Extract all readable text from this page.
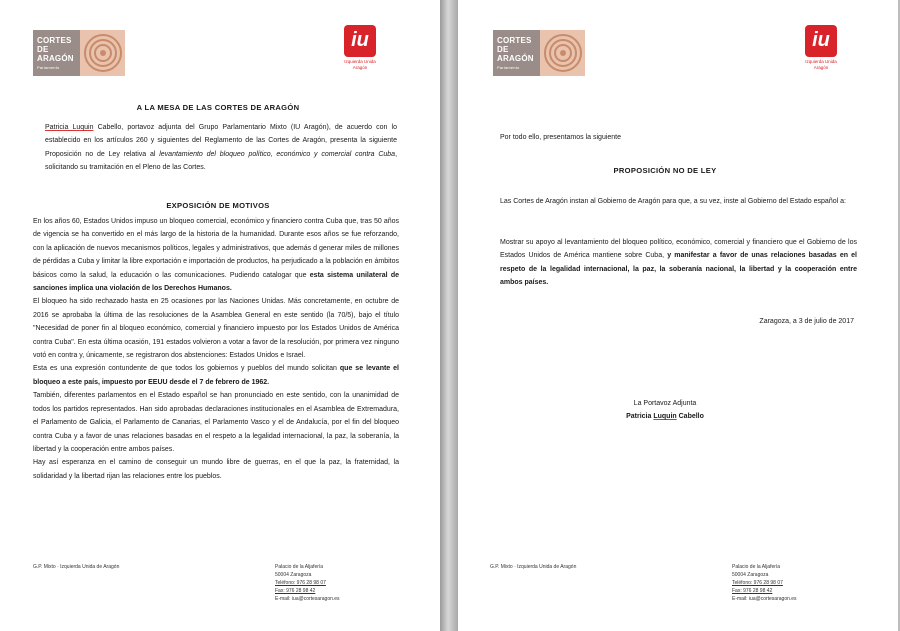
CORTES
DE
ARAGÓN
Parlamento
iu
Izquierda Unida
Aragón
A LA MESA DE LAS CORTES DE ARAGÓN

Patricia Luquin Cabello, portavoz adjunta del Grupo Parlamentario Mixto (IU Aragón), de acuerdo con lo establecido en los artículos 260 y siguientes del Reglamento de las Cortes de Aragón, presenta la siguiente Proposición no de Ley relativa al levantamiento del bloqueo político, económico y comercial contra Cuba, solicitando su tramitación en el Pleno de las Cortes.

EXPOSICIÓN DE MOTIVOS

En los años 60, Estados Unidos impuso un bloqueo comercial, económico y financiero contra Cuba que, tras 50 años de vigencia se ha convertido en el más largo de la historia de la humanidad. Durante esos años se fue reforzando, con la aplicación de nuevos mecanismos políticos, legales y administrativos, que además d generar miles de millones de pérdidas a Cuba y limitar la libre exportación e importación de productos, ha perjudicado a la población en ámbitos básicos como la salud, la educación o las comunicaciones. Pudiendo catalogar que esta sistema unilateral de sanciones implica una violación de los Derechos Humanos.

El bloqueo ha sido rechazado hasta en 25 ocasiones por las Naciones Unidas. Más concretamente, en octubre de 2016 se aprobaba la última de las resoluciones de la Asamblea General en este sentido (la 70/5), bajo el título "Necesidad de poner fin al bloqueo económico, comercial y financiero impuesto por los Estados Unidos de América contra Cuba". En esta última ocasión, 191 estados volvieron a votar a favor de la resolución, por primera vez ninguno votó en contra y, únicamente, se registraron dos abstenciones: Estados Unidos e Israel.

Esta es una expresión contundente de que todos los gobiernos y pueblos del mundo solicitan que se levante el bloqueo a este país, impuesto por EEUU desde el 7 de febrero de 1962.

También, diferentes parlamentos en el Estado español se han pronunciado en este sentido, con la unanimidad de todos los partidos representados. Han sido aprobadas declaraciones institucionales en el Asamblea de Extremadura, el Parlamento de Galicia, el Parlamento de Canarias, el Parlamento Vasco y el de Andalucía, por el fin del bloqueo contra Cuba y a favor de unas relaciones basadas en el respeto a la legalidad internacional, la paz, la soberanía, la libertad y la cooperación entre ambos países.

Hay así esperanza en el camino de conseguir un mundo libre de guerras, en el que la paz, la fraternidad, la solidaridad y la libertad rijan las relaciones entre los pueblos.

G.P. Mixto · Izquierda Unida de Aragón	Palacio de la Aljafería
50004 Zaragoza
Teléfono: 976 28 98 07
Fax: 976 28 98 42
E-mail: iua@cortesaragon.es
CORTES
DE
ARAGÓN
Parlamento
iu
Izquierda Unida
Aragón
Por todo ello, presentamos la siguiente
PROPOSICIÓN NO DE LEY
Las Cortes de Aragón instan al Gobierno de Aragón para que, a su vez, inste al Gobierno del Estado español a:

Mostrar su apoyo al levantamiento del bloqueo político, económico, comercial y financiero que el Gobierno de los Estados Unidos de América mantiene sobre Cuba, y manifestar a favor de unas relaciones basadas en el respeto de la legalidad internacional, la paz, la soberanía nacional, la libertad y la cooperación entre ambos países.

Zaragoza, a 3 de julio de 2017
La Portavoz Adjunta
Patricia Luquin Cabello
G.P. Mixto · Izquierda Unida de Aragón	Palacio de la Aljafería
50004 Zaragoza
Teléfono: 976 28 98 07
Fax: 976 28 98 42
E-mail: iua@cortesaragon.es
